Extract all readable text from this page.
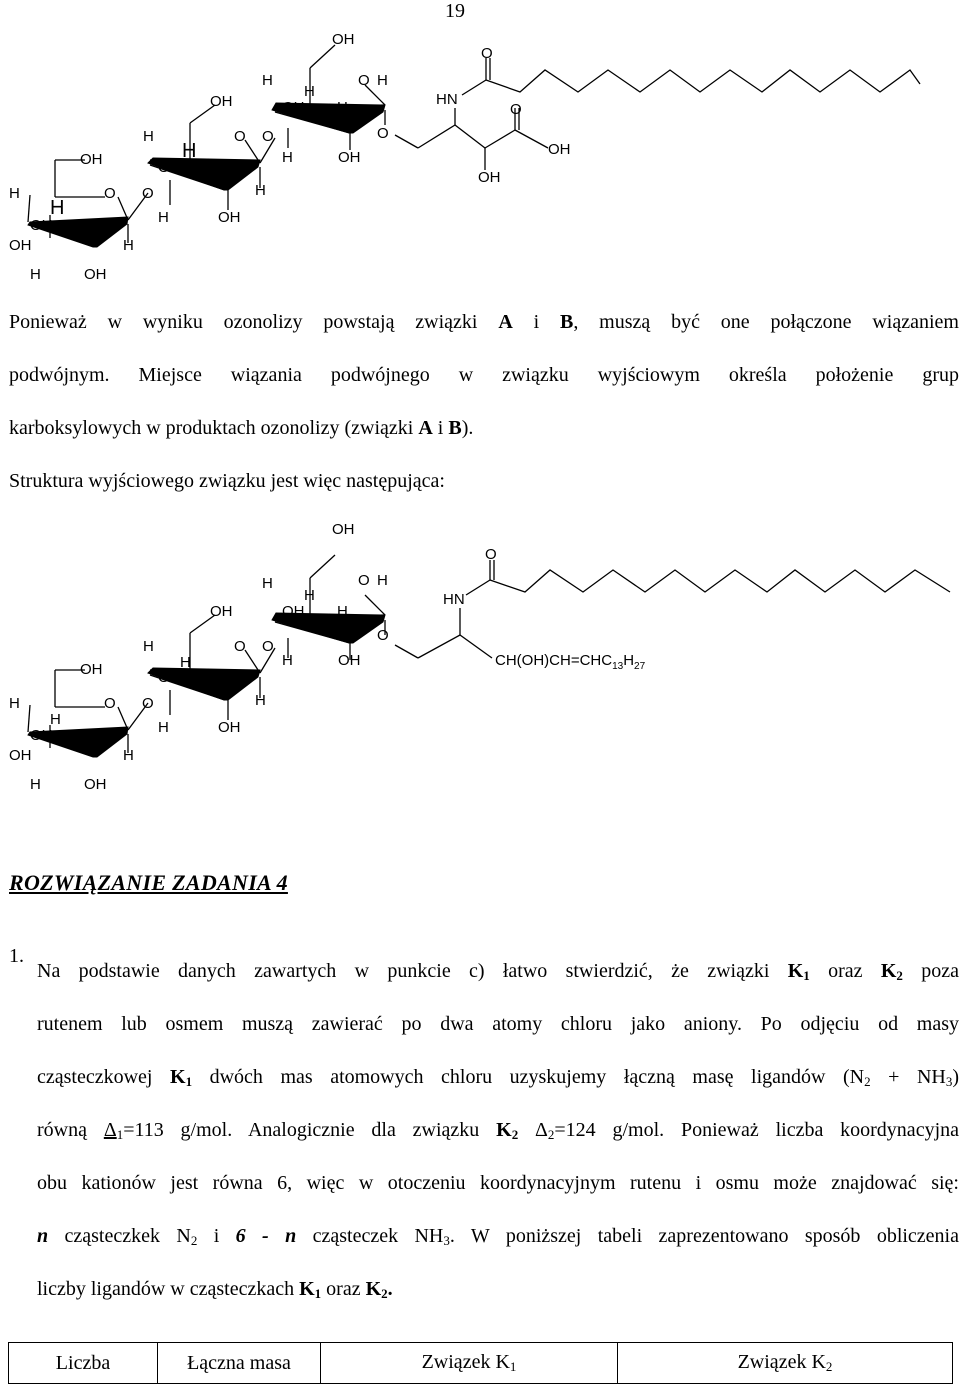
19
H
OH
H
H
OH
H	OH
H
OH
O O
H
OH
H
H
H	OH
H
OH
O O
H
OH
H
H
H	OH
OH
O H
O
HN
OH
O
OH
O
Ponieważ w wyniku ozonolizy powstają związki A i B, muszą być one połączone wiązaniem
podwójnym. Miejsce wiązania podwójnego w związku wyjściowym określa położenie grup
karboksylowych w produktach ozonolizy (związki A i B).
Struktura wyjściowego związku jest więc następująca:
H
OH
H
H
OH
H	OH
H
OH
O O
H
OH
H
H
H	OH
H
OH
O O
H
OH
H
H
H	OH
OH
O H
O
HN
O
$CH(OH)CH=CHC_{13}H_{27}$
ROZWIĄZANIE ZADANIA 4
1.
Na podstawie danych zawartych w punkcie c) łatwo stwierdzić, że związki $K_1$ oraz $K_2$ poza
rutenem lub osmem muszą zawierać po dwa atomy chloru jako aniony. Po odjęciu od masy
cząsteczkowej $K_1$ dwóch mas atomowych chloru uzyskujemy łączną masę ligandów $(N_2 + NH_3)$
równą $\Delta_1=113$ g/mol. Analogicznie dla związku $K_2$ $\Delta_2=124$ g/mol. Ponieważ liczba koordynacyjna
obu kationów jest równa 6, więc w otoczeniu koordynacyjnym rutenu i osmu może znajdować się:
n cząsteczkek $N_2$ i 6 - n cząsteczek $NH_3$. W poniższej tabeli zaprezentowano sposób obliczenia
liczby ligandów w cząsteczkach $K_1$ oraz $K_2$.
Liczba	Łączna masa	Związek $K_1$	Związek $K_2$
